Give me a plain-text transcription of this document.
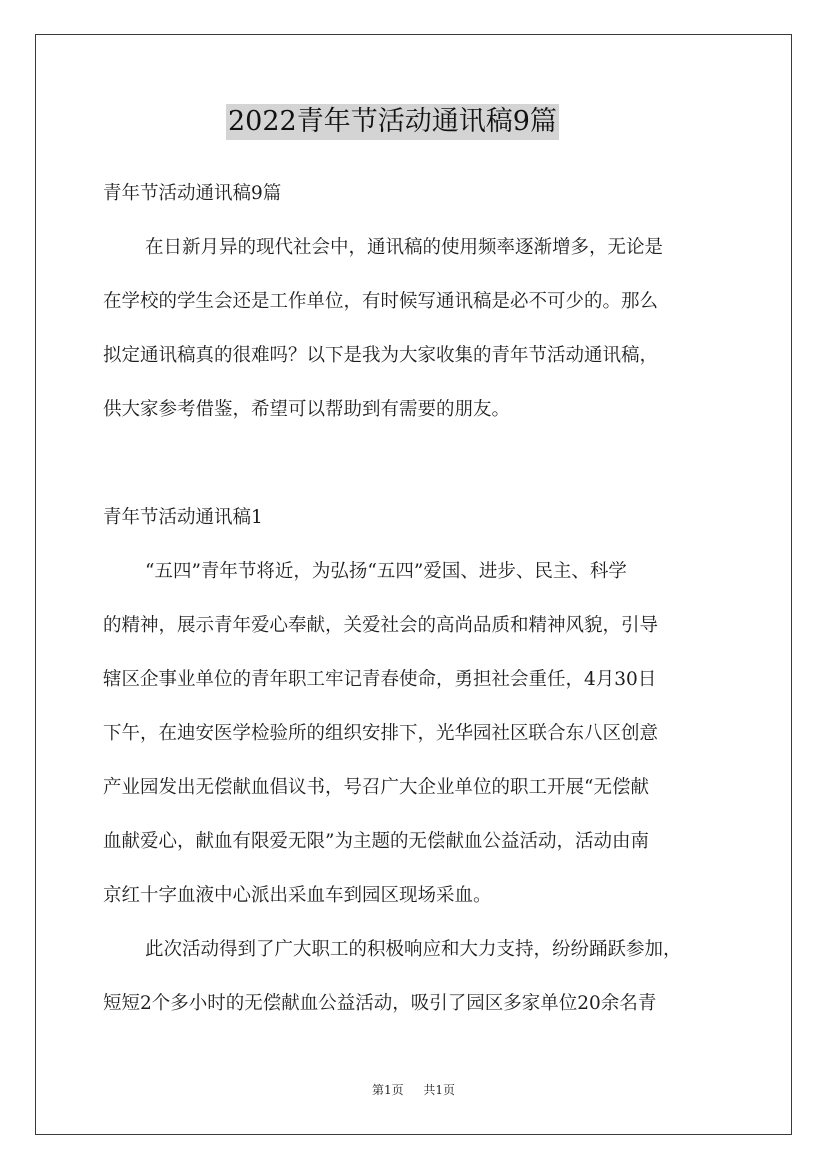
2022青年节活动通讯稿9篇
青年节活动通讯稿9篇
在日新月异的现代社会中，通讯稿的使用频率逐渐增多，无论是
在学校的学生会还是工作单位，有时候写通讯稿是必不可少的。那么
拟定通讯稿真的很难吗？以下是我为大家收集的青年节活动通讯稿，
供大家参考借鉴，希望可以帮助到有需要的朋友。
青年节活动通讯稿1
“五四”青年节将近，为弘扬“五四”爱国、进步、民主、科学
的精神，展示青年爱心奉献，关爱社会的高尚品质和精神风貌，引导
辖区企事业单位的青年职工牢记青春使命，勇担社会重任，4月30日
下午，在迪安医学检验所的组织安排下，光华园社区联合东八区创意
产业园发出无偿献血倡议书，号召广大企业单位的职工开展“无偿献
血献爱心，献血有限爱无限”为主题的无偿献血公益活动，活动由南
京红十字血液中心派出采血车到园区现场采血。
此次活动得到了广大职工的积极响应和大力支持，纷纷踊跃参加，
短短2个多小时的无偿献血公益活动，吸引了园区多家单位20余名青
第1页 共1页
